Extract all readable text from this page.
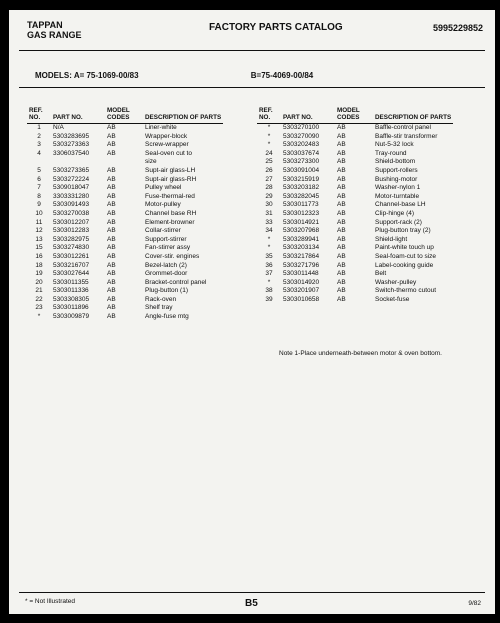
TAPPAN
GAS RANGE
FACTORY PARTS CATALOG	5995229852
MODELS: A= 75-1069-00/83	B=75-4069-00/84
REF. NO.	PART NO.	MODEL CODES	DESCRIPTION OF PARTS
1	N/A	AB	Liner-white
2	5303283695	AB	Wrapper-block
3	5303273363	AB	Screw-wrapper
4	3306037540	AB	Seal-oven cut to
			size
5	5303273365	AB	Supt-air glass-LH
6	5303272224	AB	Supt-air glass-RH
7	5309018047	AB	Pulley wheel
8	3303331280	AB	Fuse-thermal-red
9	5303091493	AB	Motor-pulley
10	5303270038	AB	Channel base RH
11	5303012207	AB	Element-browner
12	5303012283	AB	Collar-stirrer
13	5303282975	AB	Support-stirrer
15	5303274830	AB	Fan-stirrer assy
16	5303012261	AB	Cover-stir. engines
18	5303216707	AB	Bezel-latch (2)
19	5303027644	AB	Grommet-door
20	5303011355	AB	Bracket-control panel
21	5303011336	AB	Plug-button (1)
22	5303308305	AB	Rack-oven
23	5303011896	AB	Shelf tray
*	5303009879	AB	Angle-fuse mtg
REF. NO.	PART NO.	MODEL CODES	DESCRIPTION OF PARTS
*	5303270100	AB	Baffle-control panel
*	5303270090	AB	Baffle-stir transformer
*	5303202483	AB	Nut-5-32 lock
24	5303037674	AB	Tray-round
25	5303273300	AB	Shield-bottom
26	5303091004	AB	Support-rollers
27	5303215919	AB	Bushing-motor
28	5303203182	AB	Washer-nylon 1
29	5303282045	AB	Motor-turntable
30	5303011773	AB	Channel-base LH
31	5303012323	AB	Clip-hinge (4)
33	5303014921	AB	Support-rack (2)
34	5303207968	AB	Plug-button tray (2)
*	5303289941	AB	Shield-light
*	5303203134	AB	Paint-white touch up
35	5303217864	AB	Seal-foam-cut to size
36	5303271796	AB	Label-cooking guide
37	5303011448	AB	Belt
*	5303014920	AB	Washer-pulley
38	5303201907	AB	Switch-thermo cutout
39	5303010658	AB	Socket-fuse
Note 1-Place underneath-between motor & oven bottom.
* = Not Illustrated	B5	9/82
